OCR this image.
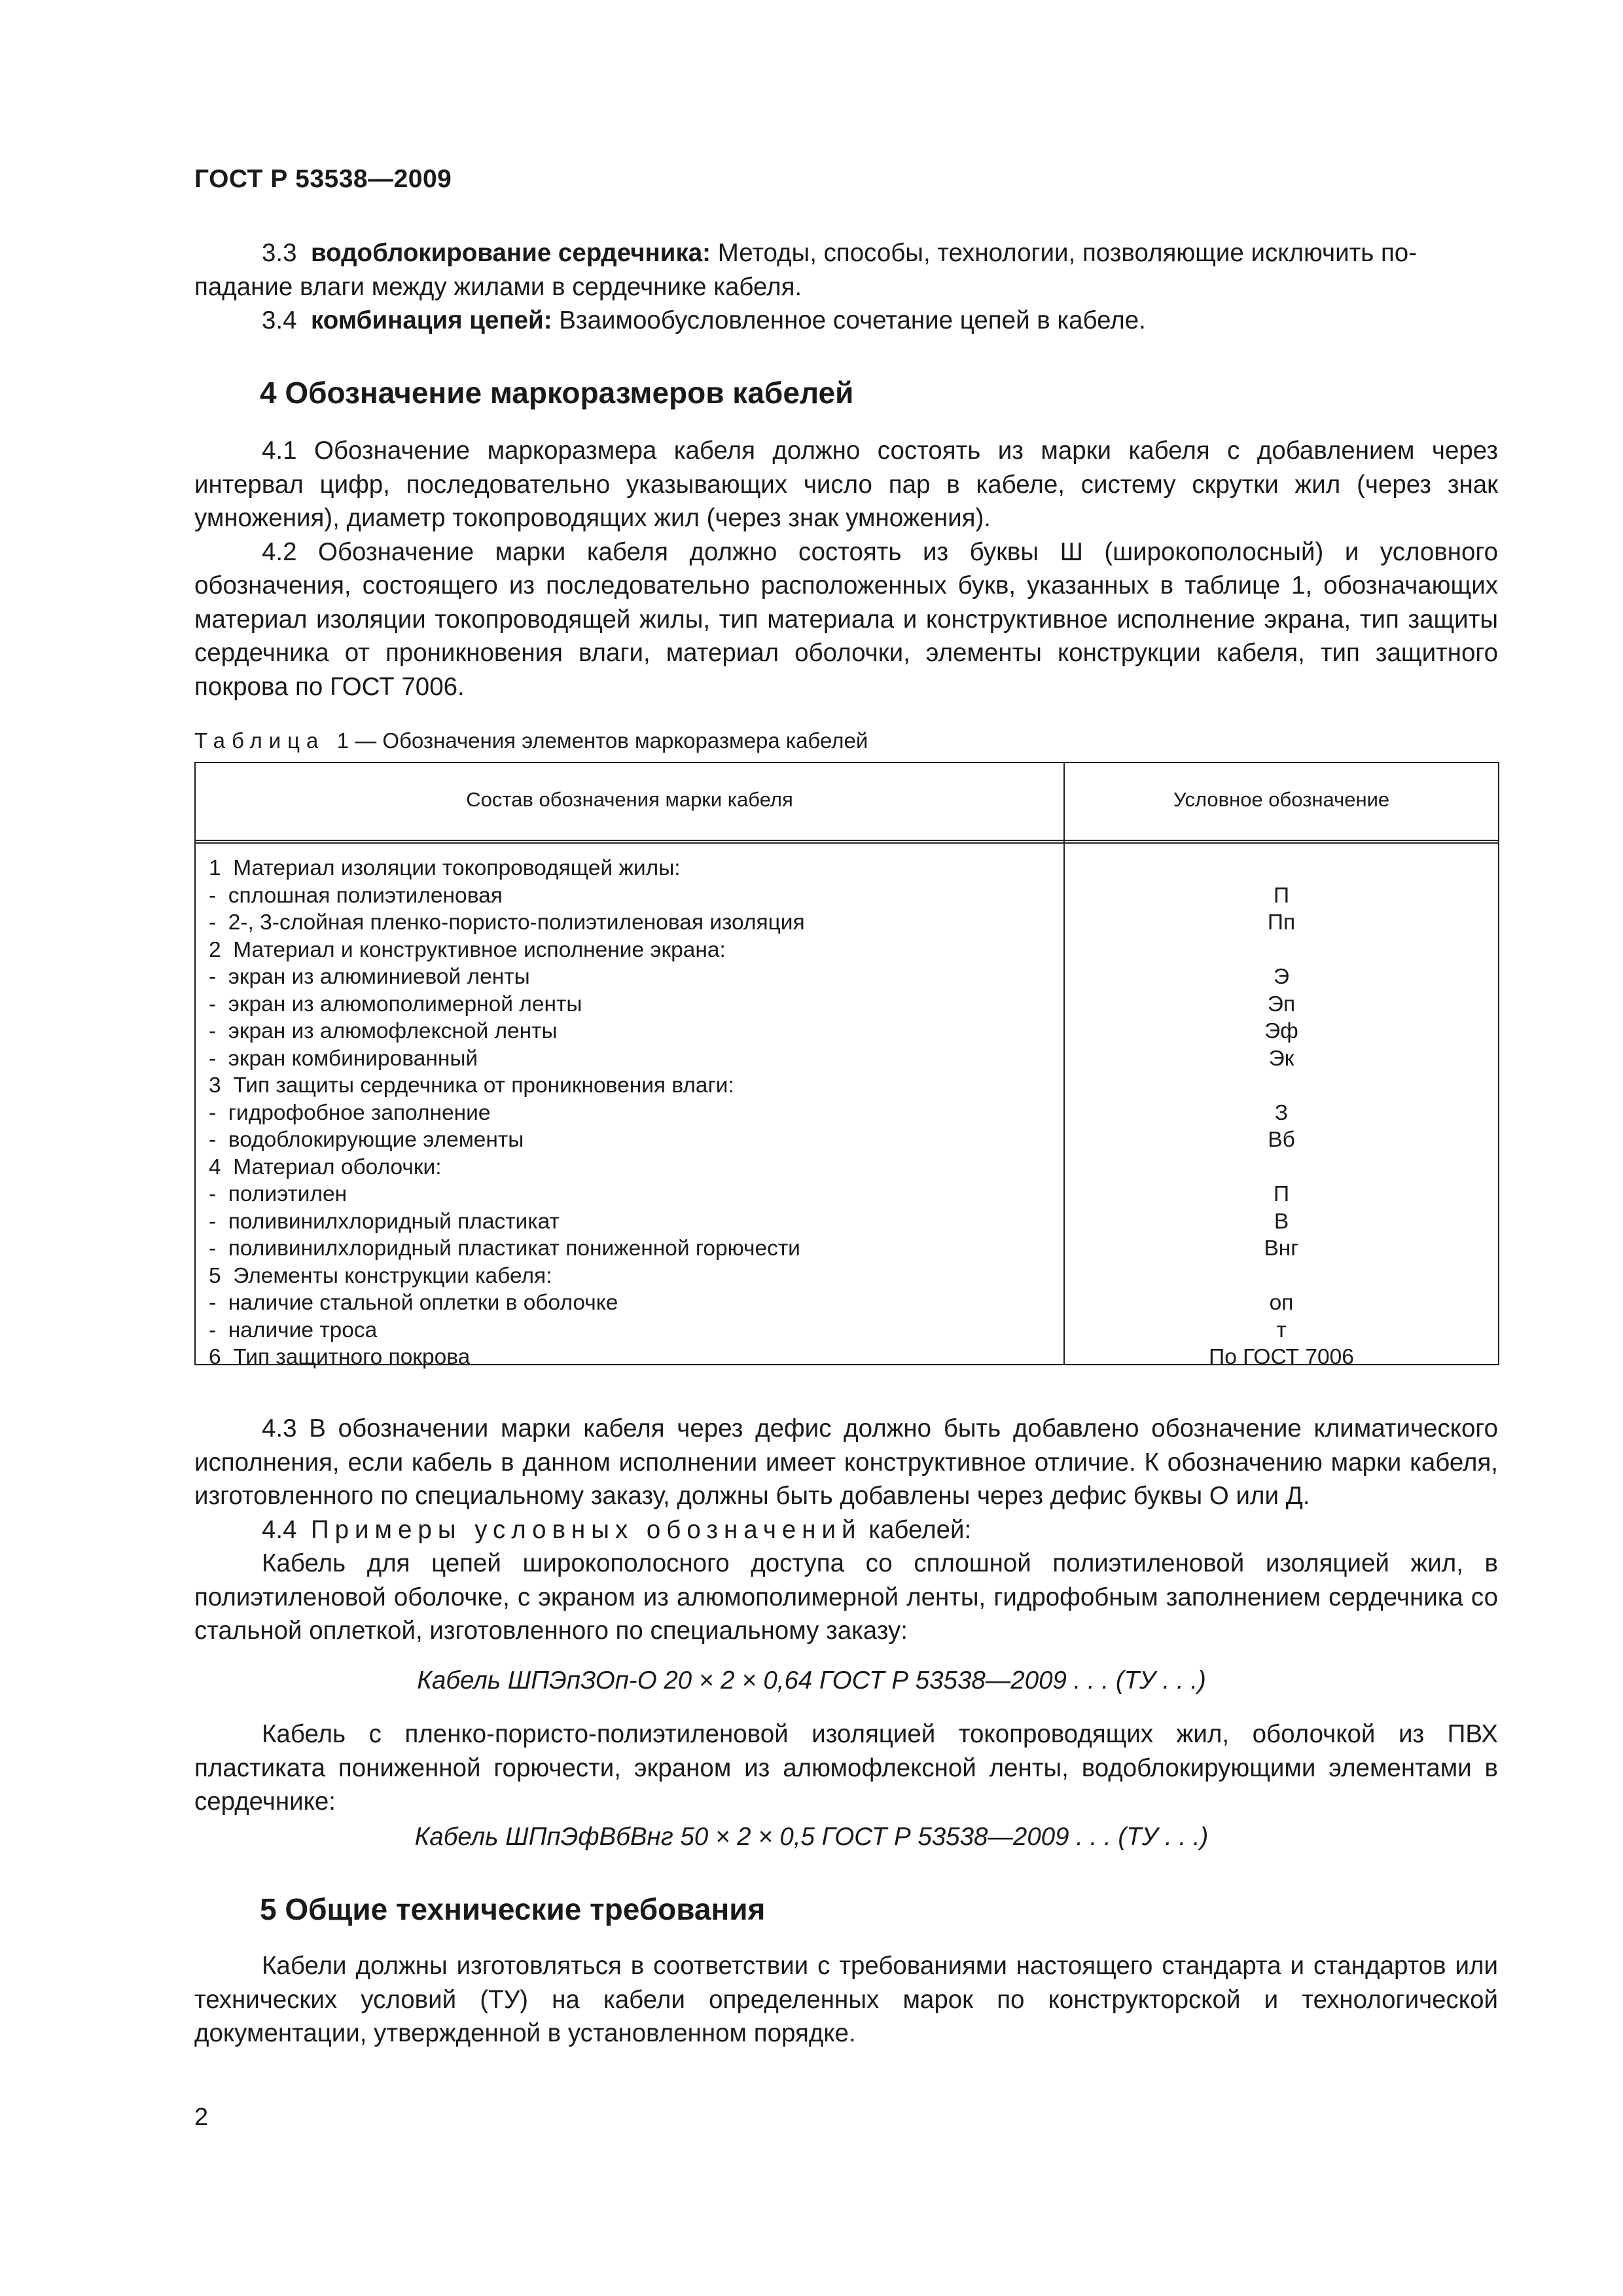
ГОСТ Р 53538—2009

3.3 водоблокирование сердечника: Методы, способы, технологии, позволяющие исключить по-

падание влаги между жилами в сердечнике кабеля.

3.4 комбинация цепей: Взаимообусловленное сочетание цепей в кабеле.

4 Обозначение маркоразмеров кабелей

4.1 Обозначение маркоразмера кабеля должно состоять из марки кабеля с добавлением через интервал цифр, последовательно указывающих число пар в кабеле, систему скрутки жил (через знак умножения), диаметр токопроводящих жил (через знак умножения).

4.2 Обозначение марки кабеля должно состоять из буквы Ш (широкополосный) и условного обозначения, состоящего из последовательно расположенных букв, указанных в таблице 1, обозначающих материал изоляции токопроводящей жилы, тип материала и конструктивное исполнение экрана, тип защиты сердечника от проникновения влаги, материал оболочки, элементы конструкции кабеля, тип защитного покрова по ГОСТ 7006.

Таблица 1 — Обозначения элементов маркоразмера кабелей
Состав обозначения марки кабеля	Условное обозначение
1  Материал изоляции токопроводящей жилы:
-  сплошная полиэтиленовая	П
-  2-, 3-слойная пленко-пористо-полиэтиленовая изоляция	Пп
2  Материал и конструктивное исполнение экрана:
-  экран из алюминиевой ленты	Э
-  экран из алюмополимерной ленты	Эп
-  экран из алюмофлексной ленты	Эф
-  экран комбинированный	Эк
3  Тип защиты сердечника от проникновения влаги:
-  гидрофобное заполнение	З
-  водоблокирующие элементы	Вб
4  Материал оболочки:
-  полиэтилен	П
-  поливинилхлоридный пластикат	В
-  поливинилхлоридный пластикат пониженной горючести	Внг
5  Элементы конструкции кабеля:
-  наличие стальной оплетки в оболочке	оп
-  наличие троса	т
6  Тип защитного покрова	По ГОСТ 7006

4.3 В обозначении марки кабеля через дефис должно быть добавлено обозначение климатического исполнения, если кабель в данном исполнении имеет конструктивное отличие. К обозначению марки кабеля, изготовленного по специальному заказу, должны быть добавлены через дефис буквы О или Д.

4.4 Примеры условных обозначений кабелей:

Кабель для цепей широкополосного доступа со сплошной полиэтиленовой изоляцией жил, в полиэтиленовой оболочке, с экраном из алюмополимерной ленты, гидрофобным заполнением сердечника со стальной оплеткой, изготовленного по специальному заказу:

Кабель ШПЭпЗОп-О 20 × 2 × 0,64 ГОСТ Р 53538—2009 . . . (ТУ . . .)

Кабель с пленко-пористо-полиэтиленовой изоляцией токопроводящих жил, оболочкой из ПВХ пластиката пониженной горючести, экраном из алюмофлексной ленты, водоблокирующими элементами в сердечнике:

Кабель ШПпЭфВбВнг 50 × 2 × 0,5 ГОСТ Р 53538—2009 . . . (ТУ . . .)
5 Общие технические требования

Кабели должны изготовляться в соответствии с требованиями настоящего стандарта и стандартов или технических условий (ТУ) на кабели определенных марок по конструкторской и технологической документации, утвержденной в установленном порядке.

2
